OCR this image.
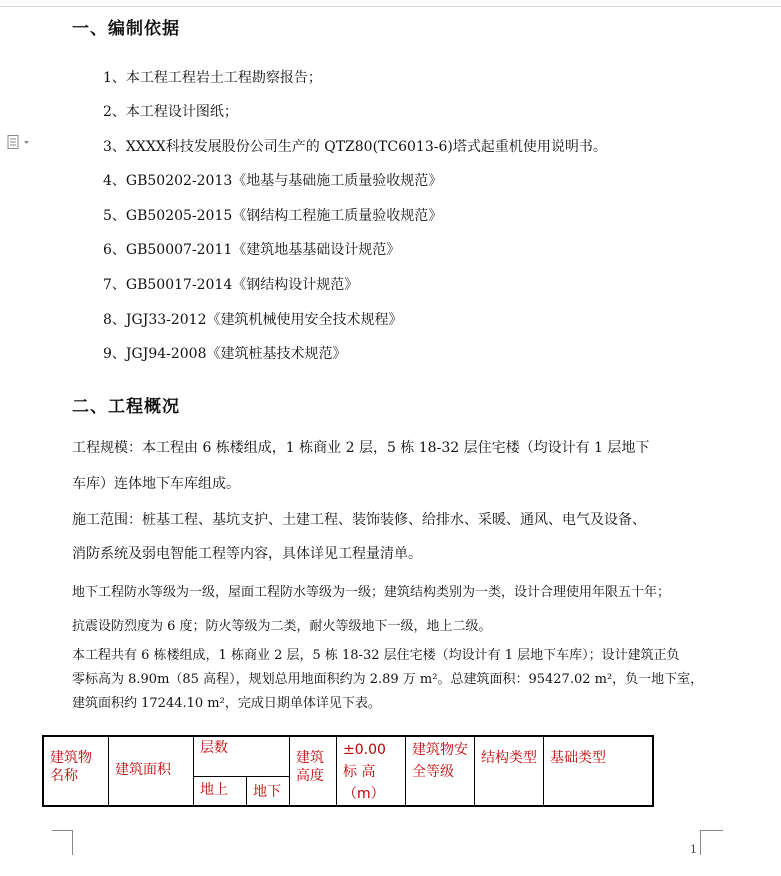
一、编制依据
1、本工程工程岩土工程勘察报告；
2、本工程设计图纸；
3、XXXX科技发展股份公司生产的 QTZ80(TC6013-6)塔式起重机使用说明书。
4、GB50202-2013《地基与基础施工质量验收规范》
5、GB50205-2015《钢结构工程施工质量验收规范》
6、GB50007-2011《建筑地基基础设计规范》
7、GB50017-2014《钢结构设计规范》
8、JGJ33-2012《建筑机械使用安全技术规程》
9、JGJ94-2008《建筑桩基技术规范》
二、工程概况
工程规模：本工程由 6 栋楼组成，1 栋商业 2 层，5 栋 18-32 层住宅楼（均设计有 1 层地下
车库）连体地下车库组成。
施工范围：桩基工程、基坑支护、土建工程、装饰装修、给排水、采暖、通风、电气及设备、
消防系统及弱电智能工程等内容，具体详见工程量清单。
地下工程防水等级为一级，屋面工程防水等级为一级；建筑结构类别为一类，设计合理使用年限五十年；
抗震设防烈度为 6 度；防火等级为二类，耐火等级地下一级，地上二级。
本工程共有 6 栋楼组成，1 栋商业 2 层，5 栋 18-32 层住宅楼（均设计有 1 层地下车库）；设计建筑正负
零标高为 8.90m（85 高程），规划总用地面积约为 2.89 万 m²。总建筑面积：95427.02 m²，负一地下室，
建筑面积约 17244.10 m²，完成日期单体详见下表。
建筑物名称	建筑面积	层数		建筑高度	±0.00
标 高
（m）	建筑物安全等级	结构类型	基础类型
		地上	地下					
1
